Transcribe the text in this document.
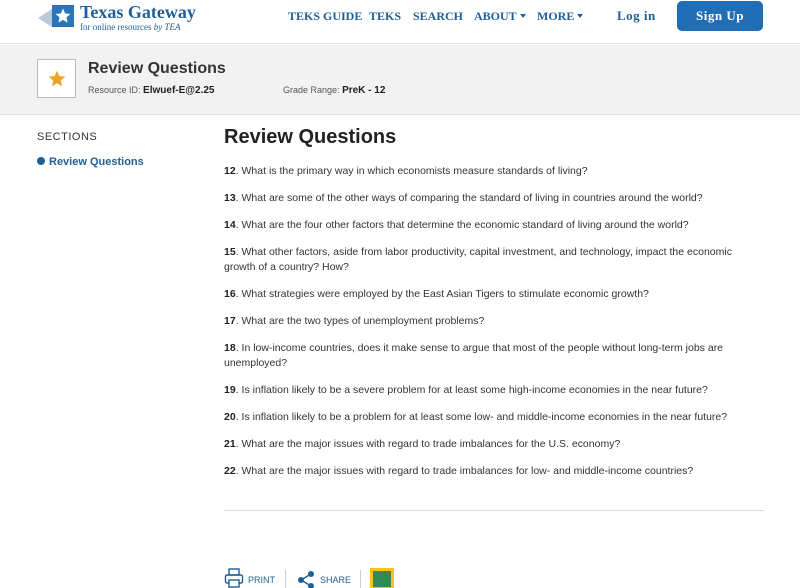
Texas Gateway
for online resources by TEA
TEKS GUIDE TEKS SEARCH ABOUT	MORE	Log in	Sign Up
Review Questions
Resource ID: Elwuef-E@2.25	Grade Range: PreK - 12
SECTIONS
Review Questions
Review Questions
12. What is the primary way in which economists measure standards of living?
13. What are some of the other ways of comparing the standard of living in countries around the world?
14. What are the four other factors that determine the economic standard of living around the world?
15. What other factors, aside from labor productivity, capital investment, and technology, impact the economic growth of a country? How?
16. What strategies were employed by the East Asian Tigers to stimulate economic growth?
17. What are the two types of unemployment problems?
18. In low-income countries, does it make sense to argue that most of the people without long-term jobs are unemployed?
19. Is inflation likely to be a severe problem for at least some high-income economies in the near future?
20. Is inflation likely to be a problem for at least some low- and middle-income economies in the near future?
21. What are the major issues with regard to trade imbalances for the U.S. economy?
22. What are the major issues with regard to trade imbalances for low- and middle-income countries?
PRINT	SHARE
